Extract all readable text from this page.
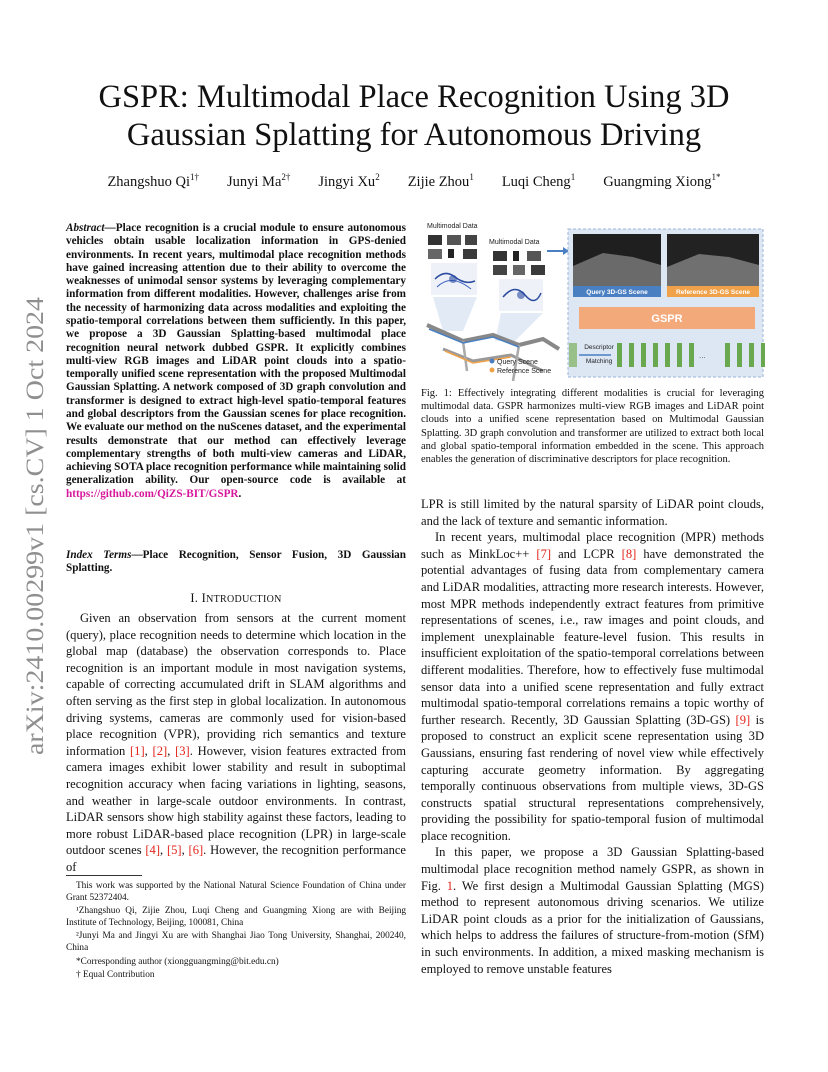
arXiv:2410.00299v1 [cs.CV] 1 Oct 2024
GSPR: Multimodal Place Recognition Using 3D
Gaussian Splatting for Autonomous Driving
Zhangshuo $Qi^{1\dagger}$ Junyi $Ma^{2\dagger}$ Jingyi Xu$^2$ Zijie Zhou$^1$ Luqi Cheng$^1$ Guangming Xiong$^{1*}$

Abstract—Place recognition is a crucial module to ensure autonomous vehicles obtain usable localization information in GPS-denied environments. In recent years, multimodal place recognition methods have gained increasing attention due to their ability to overcome the weaknesses of unimodal sensor systems by leveraging complementary information from different modalities. However, challenges arise from the necessity of harmonizing data across modalities and exploiting the spatio-temporal correlations between them sufficiently. In this paper, we propose a 3D Gaussian Splatting-based multimodal place recognition neural network dubbed GSPR. It explicitly combines multi-view RGB images and LiDAR point clouds into a spatio-temporally unified scene representation with the proposed Multimodal Gaussian Splatting. A network composed of 3D graph convolution and transformer is designed to extract high-level spatio-temporal features and global descriptors from the Gaussian scenes for place recognition. We evaluate our method on the nuScenes dataset, and the experimental results demonstrate that our method can effectively leverage complementary strengths of both multi-view cameras and LiDAR, achieving SOTA place recognition performance while maintaining solid generalization ability. Our open-source code is available at https://github.com/QiZS-BIT/GSPR.

Index Terms—Place Recognition, Sensor Fusion, 3D Gaussian Splatting.

I. INTRODUCTION

Given an observation from sensors at the current moment (query), place recognition needs to determine which location in the global map (database) the observation corresponds to. Place recognition is an important module in most navigation systems, capable of correcting accumulated drift in SLAM algorithms and often serving as the first step in global localization. In autonomous driving systems, cameras are commonly used for vision-based place recognition (VPR), providing rich semantics and texture information [1], [2], [3]. However, vision features extracted from camera images exhibit lower stability and result in suboptimal recognition accuracy when facing variations in lighting, seasons, and weather in large-scale outdoor environments. In contrast, LiDAR sensors show high stability against these factors, leading to more robust LiDAR-based place recognition (LPR) in large-scale outdoor scenes [4], [5], [6]. However, the recognition performance of

This work was supported by the National Natural Science Foundation of China under Grant 52372404.

¹Zhangshuo Qi, Zijie Zhou, Luqi Cheng and Guangming Xiong are with Beijing Institute of Technology, Beijing, 100081, China

²Junyi Ma and Jingyi Xu are with Shanghai Jiao Tong University, Shanghai, 200240, China

*Corresponding author (xiongguangming@bit.edu.cn)

† Equal Contribution

Multimodal Data
Multimodal Data
Query Scene
Reference Scene
Query 3D-GS Scene	Reference 3D-GS Scene
GSPR
Descriptor
Matching
...

Fig. 1: Effectively integrating different modalities is crucial for leveraging multimodal data. GSPR harmonizes multi-view RGB images and LiDAR point clouds into a unified scene representation based on Multimodal Gaussian Splatting. 3D graph convolution and transformer are utilized to extract both local and global spatio-temporal information embedded in the scene. This approach enables the generation of discriminative descriptors for place recognition.

LPR is still limited by the natural sparsity of LiDAR point clouds, and the lack of texture and semantic information.

In recent years, multimodal place recognition (MPR) methods such as MinkLoc++ [7] and LCPR [8] have demonstrated the potential advantages of fusing data from complementary camera and LiDAR modalities, attracting more research interests. However, most MPR methods independently extract features from primitive representations of scenes, i.e., raw images and point clouds, and implement unexplainable feature-level fusion. This results in insufficient exploitation of the spatio-temporal correlations between different modalities. Therefore, how to effectively fuse multimodal sensor data into a unified scene representation and fully extract multimodal spatio-temporal correlations remains a topic worthy of further research. Recently, 3D Gaussian Splatting (3D-GS) [9] is proposed to construct an explicit scene representation using 3D Gaussians, ensuring fast rendering of novel view while effectively capturing accurate geometry information. By aggregating temporally continuous observations from multiple views, 3D-GS constructs spatial structural representations comprehensively, providing the possibility for spatio-temporal fusion of multimodal place recognition.

In this paper, we propose a 3D Gaussian Splatting-based multimodal place recognition method namely GSPR, as shown in Fig. 1. We first design a Multimodal Gaussian Splatting (MGS) method to represent autonomous driving scenarios. We utilize LiDAR point clouds as a prior for the initialization of Gaussians, which helps to address the failures of structure-from-motion (SfM) in such environments. In addition, a mixed masking mechanism is employed to remove unstable features
